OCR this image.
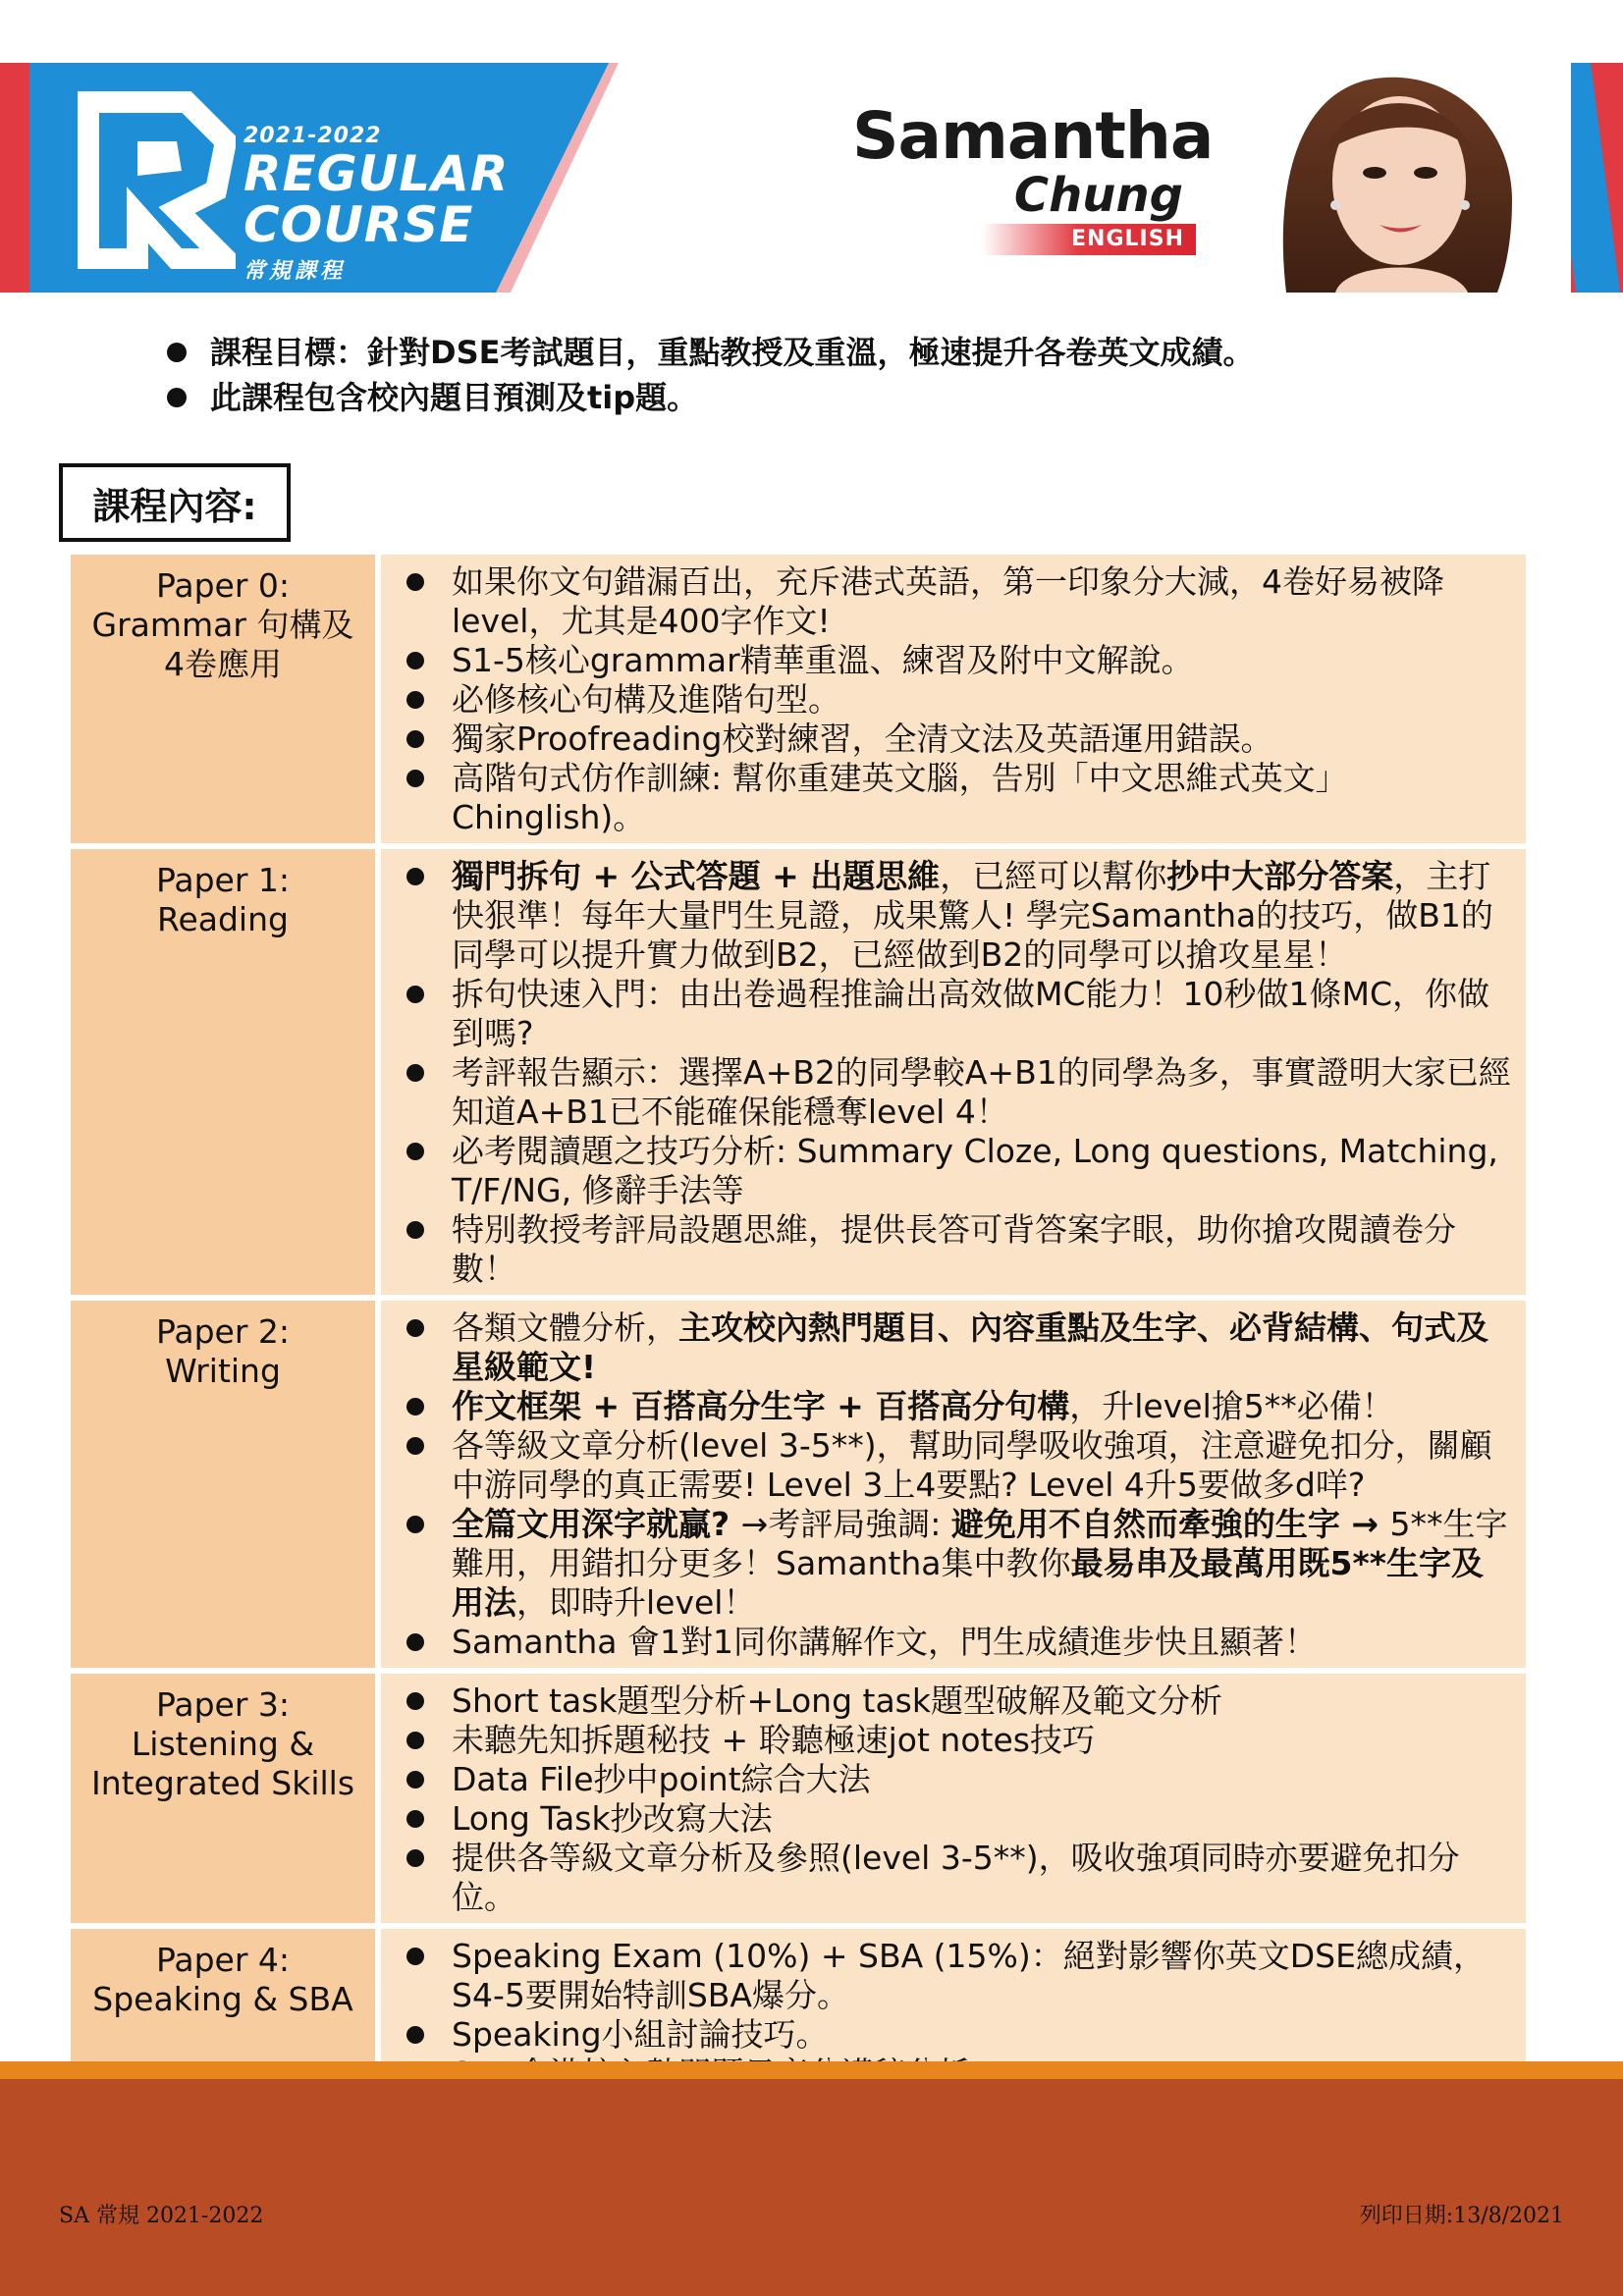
2021-2022
REGULAR
COURSE
常規課程
Samantha
Chung
ENGLISH
課程目標：針對DSE考試題目，重點教授及重溫，極速提升各卷英文成績。
此課程包含校內題目預測及tip題。
課程內容:
Paper 0:
Grammar 句構及
4卷應用
如果你文句錯漏百出，充斥港式英語，第一印象分大減，4卷好易被降level，尤其是400字作文!
S1-5核心grammar精華重溫、練習及附中文解說。
必修核心句構及進階句型。
獨家Proofreading校對練習，全清文法及英語運用錯誤。
高階句式仿作訓練: 幫你重建英文腦，告別「中文思維式英文」Chinglish)。
Paper 1:
Reading
獨門拆句 + 公式答題 + 出題思維，已經可以幫你抄中大部分答案，主打快狠準！每年大量門生見證，成果驚人! 學完Samantha的技巧，做B1的同學可以提升實力做到B2，已經做到B2的同學可以搶攻星星！
拆句快速入門：由出卷過程推論出高效做MC能力！10秒做1條MC，你做到嗎?
考評報告顯示：選擇A+B2的同學較A+B1的同學為多，事實證明大家已經知道A+B1已不能確保能穩奪level 4！
必考閱讀題之技巧分析: Summary Cloze, Long questions, Matching, T/F/NG, 修辭手法等
特別教授考評局設題思維，提供長答可背答案字眼，助你搶攻閱讀卷分數！
Paper 2:
Writing
各類文體分析，主攻校內熱門題目、內容重點及生字、必背結構、句式及星級範文!
作文框架 + 百搭高分生字 + 百搭高分句構，升level搶5**必備！
各等級文章分析(level 3-5**)，幫助同學吸收強項，注意避免扣分，關顧中游同學的真正需要! Level 3上4要點? Level 4升5要做多d咩?
全篇文用深字就贏? →考評局強調: 避免用不自然而牽強的生字 → 5**生字難用，用錯扣分更多！Samantha集中教你最易串及最萬用既5**生字及用法，即時升level！
Samantha 會1對1同你講解作文，門生成績進步快且顯著！
Paper 3:
Listening &
Integrated Skills
Short task題型分析+Long task題型破解及範文分析
未聽先知拆題秘技 + 聆聽極速jot notes技巧
Data File抄中point綜合大法
Long Task抄改寫大法
提供各等級文章分析及參照(level 3-5**)，吸收強項同時亦要避免扣分位。
Paper 4:
Speaking & SBA
Speaking Exam (10%) + SBA (15%)：絕對影響你英文DSE總成績，S4-5要開始特訓SBA爆分。
Speaking小組討論技巧。
SA 常規 2021-2022	列印日期:13/8/2021
